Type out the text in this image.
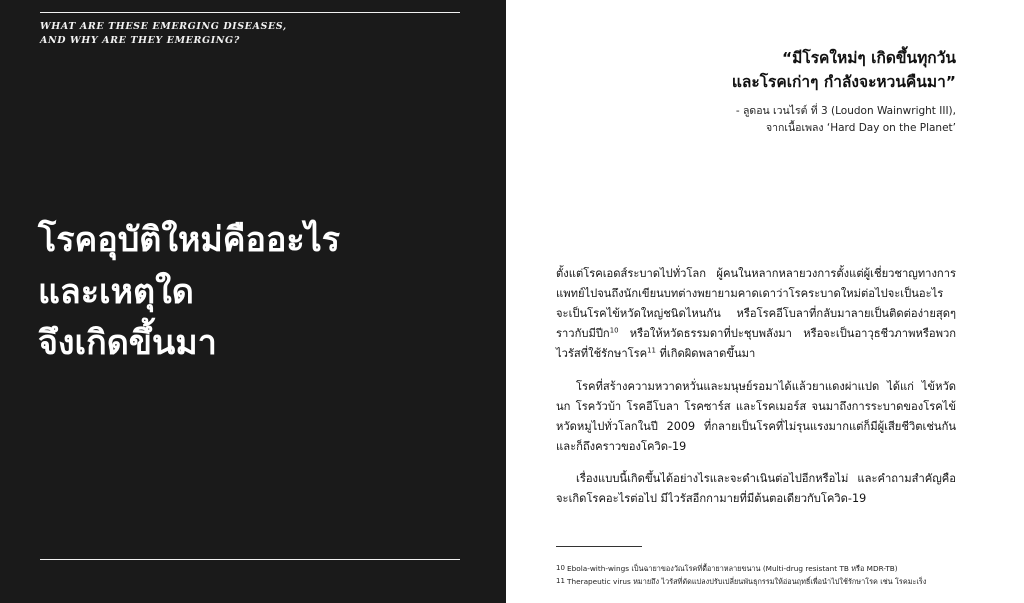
WHAT ARE THESE EMERGING DISEASES,
AND WHY ARE THEY EMERGING?
โรคอุบัติใหม่คืออะไร
และเหตุใด
จึงเกิดขึ้นมา
“มีโรคใหม่ๆ เกิดขึ้นทุกวัน
และโรคเก่าๆ กำลังจะหวนคืนมา”
- ลูดอน เวนไรต์ ที่ 3 (Loudon Wainwright III),
จากเนื้อเพลง ‘Hard Day on the Planet’

ตั้งแต่โรคเอดส์ระบาดไปทั่วโลก ผู้คนในหลากหลายวงการตั้งแต่ผู้เชี่ยวชาญทางการแพทย์ไปจนถึงนักเขียนบทต่างพยายามคาดเดาว่าโรคระบาดใหม่ต่อไปจะเป็นอะไร จะเป็นโรคไข้หวัดใหญ่ชนิดไหนกัน หรือโรคอีโบลาที่กลับมาลายเป็นติดต่อง่ายสุดๆ ราวกับมีปีก$^{10}$ หรือให้หวัดธรรมดาที่ปะชุบพลังมา หรือจะเป็นอาวุธชีวภาพหรือพวกไวรัสที่ใช้รักษาโรค$^{11}$ ที่เกิดผิดพลาดขึ้นมา

โรคที่สร้างความหวาดหวั่นและมนุษย์รอมาได้แล้วยาแดงผ่าแปด ได้แก่ ไข้หวัดนก โรควัวบ้า โรคอีโบลา โรคซาร์ส และโรคเมอร์ส จนมาถึงการระบาดของโรคไข้หวัดหมูไปทั่วโลกในปี 2009 ที่กลายเป็นโรคที่ไม่รุนแรงมากแต่ก็มีผู้เสียชีวิตเช่นกัน และก็ถึงคราวของโควิด-19

เรื่องแบบนี้เกิดขึ้นได้อย่างไรและจะดำเนินต่อไปอีกหรือไม่ และคำถามสำคัญคือ จะเกิดโรคอะไรต่อไป มีไวรัสอีกกามายที่มีต้นตอเดียวกับโควิด-19

10 Ebola-with-wings เป็นฉายาของวัณโรคที่ดื้อายาหลายขนาน (Multi-drug resistant TB หรือ MDR-TB)
11 Therapeutic virus หมายถึง ไวรัสที่ดัดแปลงปรับเปลี่ยนพันธุกรรมให้อ่อนฤทธิ์เพื่อนำไปใช้รักษาโรค เช่น โรคมะเร็ง
